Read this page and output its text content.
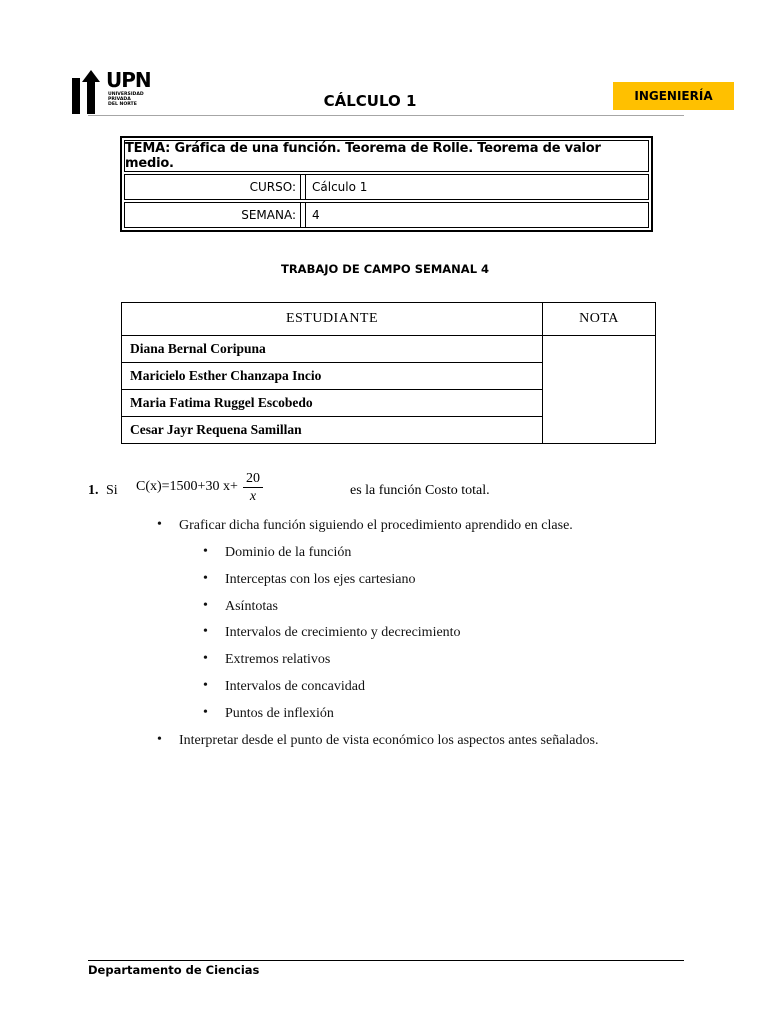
UPN
UNIVERSIDAD
PRIVADA
DEL NORTE	CÁLCULO 1	INGENIERÍA
TEMA: Gráfica de una función. Teorema de Rolle. Teorema de valor medio.
CURSO:	Cálculo 1
SEMANA:	4
TRABAJO DE CAMPO SEMANAL 4
ESTUDIANTE	NOTA
Diana Bernal Coripuna	
Maricielo Esther Chanzapa Incio	
Maria Fatima Ruggel Escobedo	
Cesar Jayr Requena Samillan	
1. Si C(x)=1500+30 x+
20
x	es la función Costo total.
• Graficar dicha función siguiendo el procedimiento aprendido en clase.
• Dominio de la función
• Interceptas con los ejes cartesiano
• Asíntotas
• Intervalos de crecimiento y decrecimiento
• Extremos relativos
• Intervalos de concavidad
• Puntos de inflexión
• Interpretar desde el punto de vista económico los aspectos antes señalados.
Departamento de Ciencias
